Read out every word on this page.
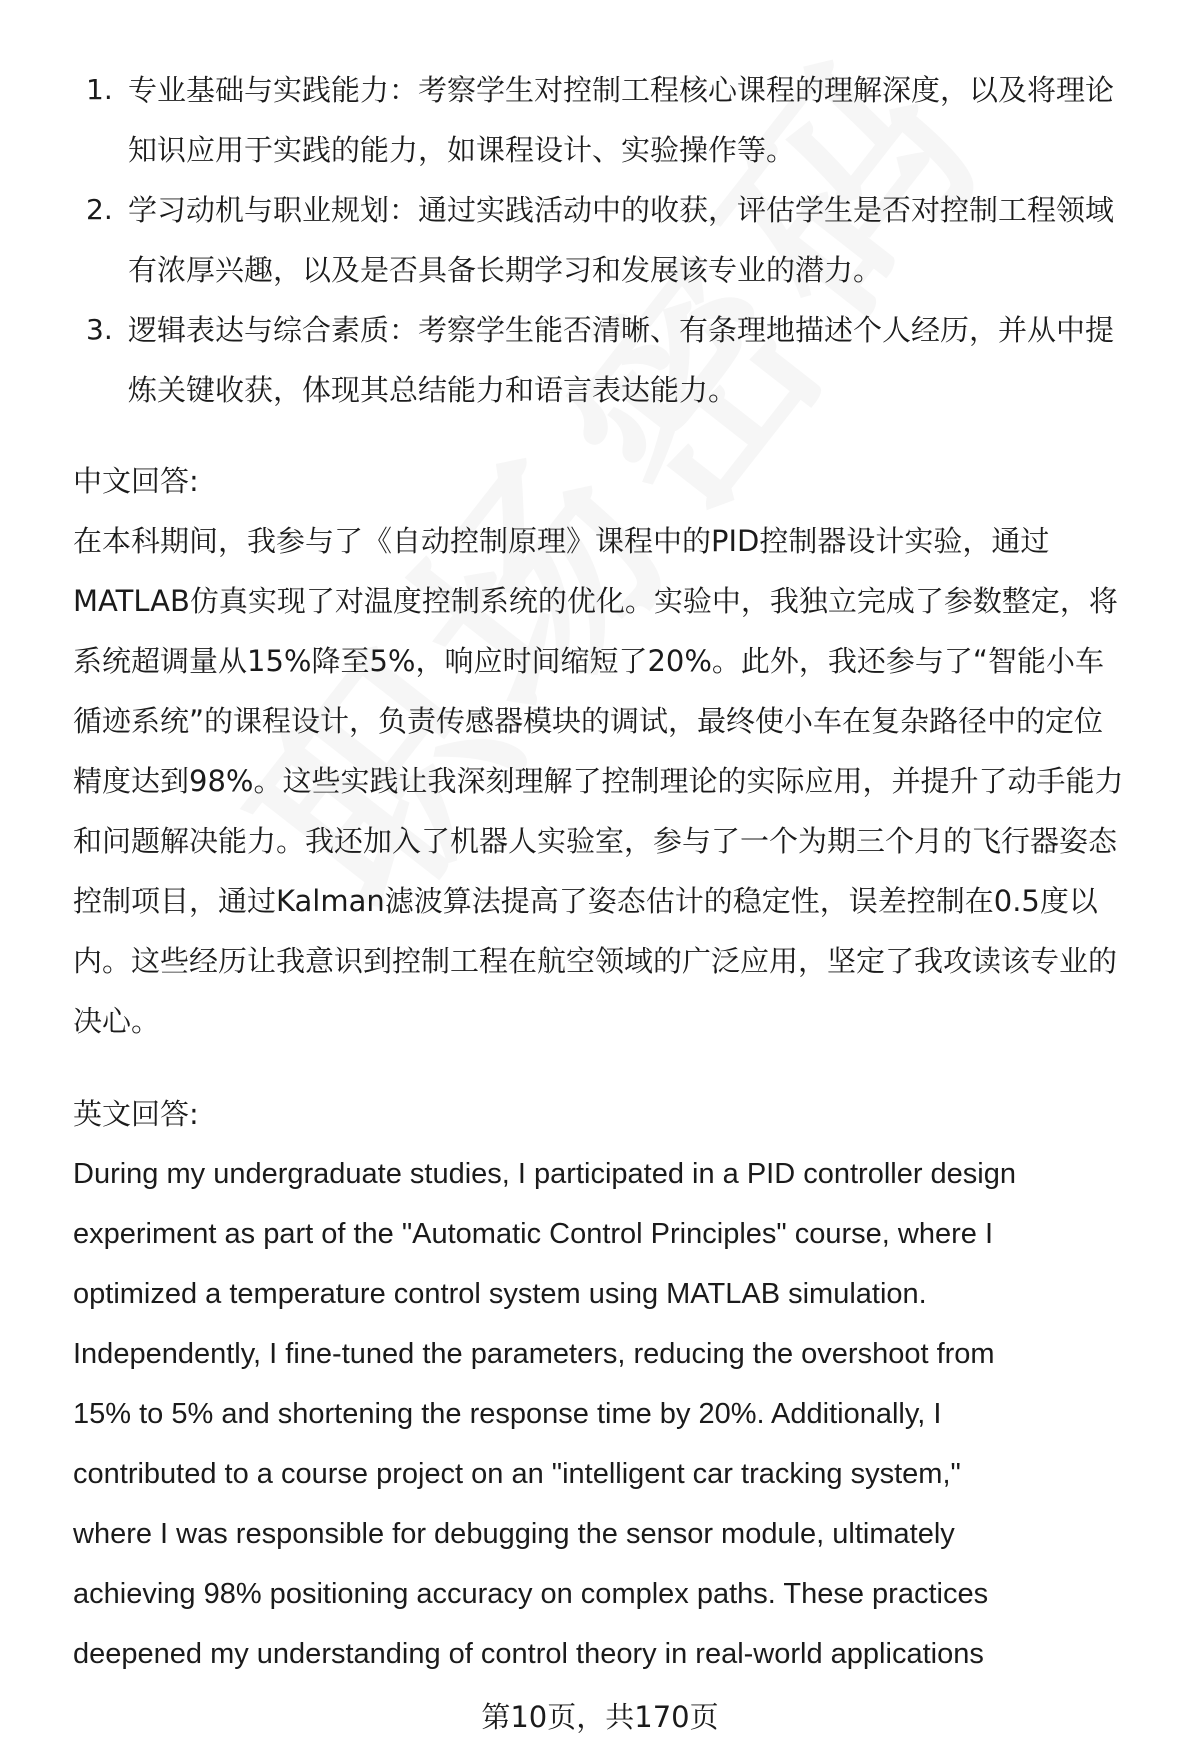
1. 专业基础与实践能力：考察学生对控制工程核心课程的理解深度，以及将理论
知识应用于实践的能力，如课程设计、实验操作等。
2. 学习动机与职业规划：通过实践活动中的收获，评估学生是否对控制工程领域
有浓厚兴趣，以及是否具备长期学习和发展该专业的潜力。
3. 逻辑表达与综合素质：考察学生能否清晰、有条理地描述个人经历，并从中提
炼关键收获，体现其总结能力和语言表达能力。
中文回答:
在本科期间，我参与了《自动控制原理》课程中的PID控制器设计实验，通过
MATLAB仿真实现了对温度控制系统的优化。实验中，我独立完成了参数整定，将
系统超调量从15%降至5%，响应时间缩短了20%。此外，我还参与了“智能小车
循迹系统”的课程设计，负责传感器模块的调试，最终使小车在复杂路径中的定位
精度达到98%。这些实践让我深刻理解了控制理论的实际应用，并提升了动手能力
和问题解决能力。我还加入了机器人实验室，参与了一个为期三个月的飞行器姿态
控制项目，通过Kalman滤波算法提高了姿态估计的稳定性，误差控制在0.5度以
内。这些经历让我意识到控制工程在航空领域的广泛应用，坚定了我攻读该专业的
决心。
英文回答:
During my undergraduate studies, I participated in a PID controller design
experiment as part of the "Automatic Control Principles" course, where I
optimized a temperature control system using MATLAB simulation.
Independently, I fine-tuned the parameters, reducing the overshoot from
15% to 5% and shortening the response time by 20%. Additionally, I
contributed to a course project on an "intelligent car tracking system,"
where I was responsible for debugging the sensor module, ultimately
achieving 98% positioning accuracy on complex paths. These practices
deepened my understanding of control theory in real-world applications
第10页，共170页
